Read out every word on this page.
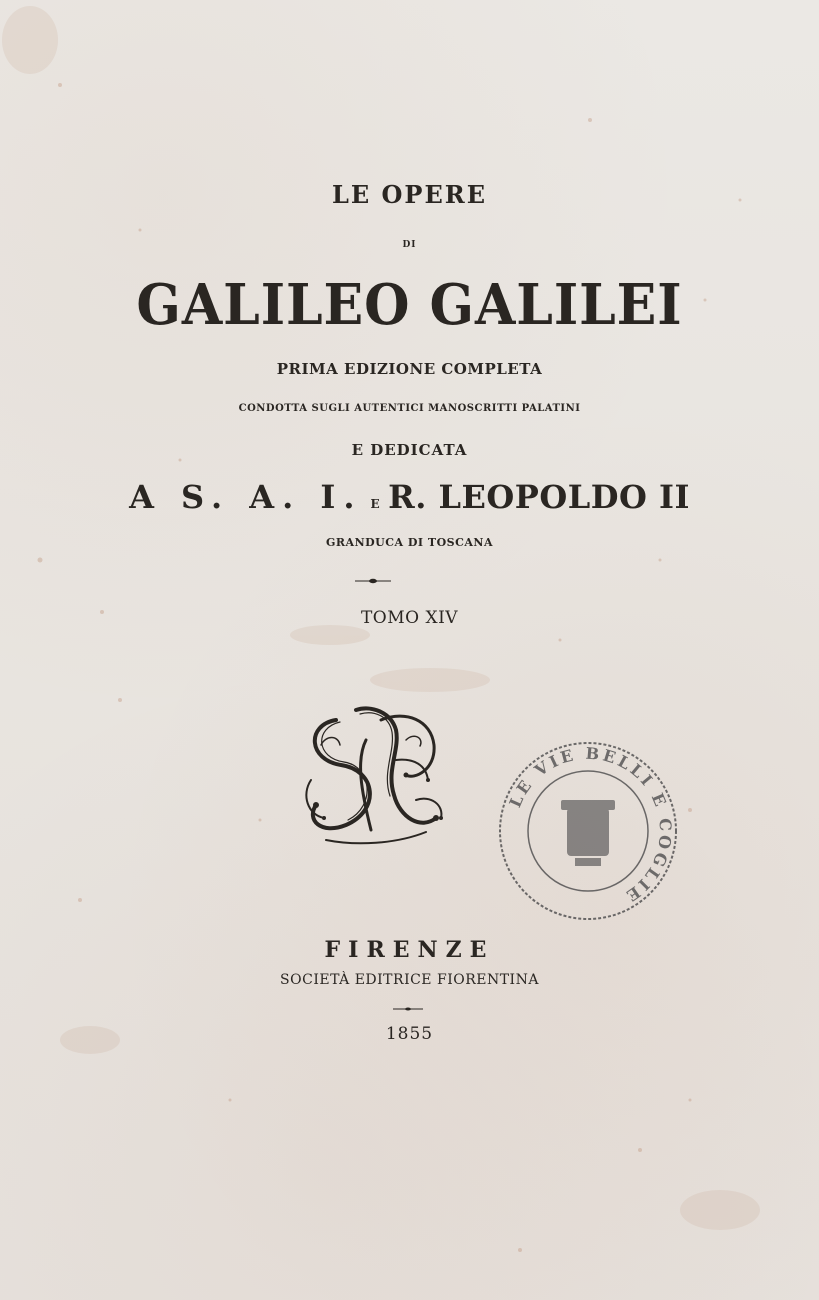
LE OPERE
DI
GALILEO GALILEI
PRIMA EDIZIONE COMPLETA
CONDOTTA SUGLI AUTENTICI MANOSCRITTI PALATINI
E DEDICATA
A S. A. I. E R. LEOPOLDO II
GRANDUCA DI TOSCANA
TOMO XIV
LE VIE BELLI E COGLIE
FIRENZE
SOCIETÀ EDITRICE FIORENTINA
1855
